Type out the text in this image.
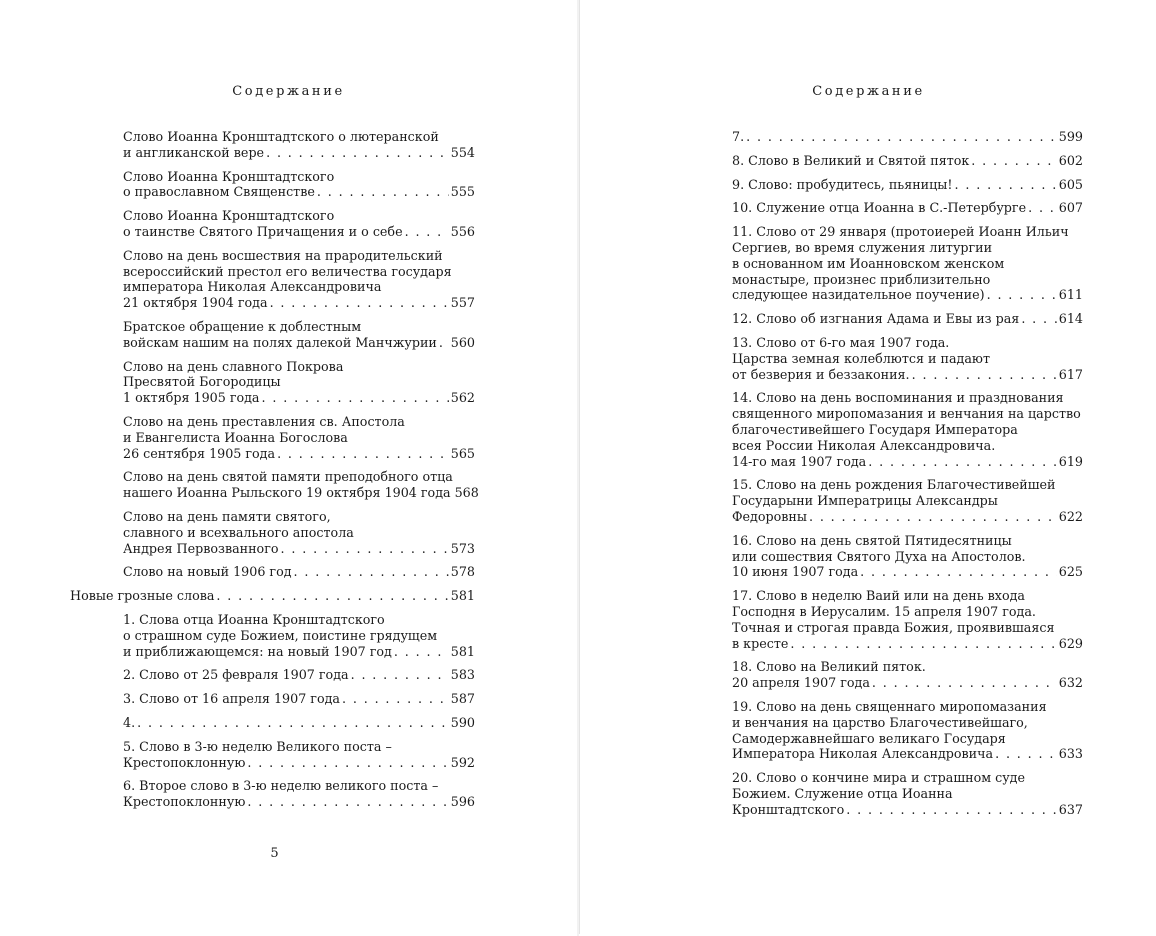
Содержание
Слово Иоанна Кронштадтского о лютеранской
и англиканской вере . . .	554
Слово Иоанна Кронштадтского
о православном Священстве . . .	555
Слово Иоанна Кронштадтского
о таинстве Святого Причащения и о себе . . .	556
Слово на день восшествия на прародительский
всероссийский престол его величества государя
императора Николая Александровича
21 октября 1904 года . . .	557
Братское обращение к доблестным
войскам нашим на полях далекой Манчжурии . . . 560
Слово на день славного Покрова
Пресвятой Богородицы
1 октября 1905 года . . .	562
Слово на день преставления св. Апостола
и Евангелиста Иоанна Богослова
26 сентября 1905 года . . .	565
Слово на день святой памяти преподобного отца
нашего Иоанна Рыльского 19 октября 1904 года 568
Слово на день памяти святого,
славного и всехвального апостола
Андрея Первозванного . . .	573
Слово на новый 1906 год . . .	578
Новые грозные слова . . .	581
1. Слова отца Иоанна Кронштадтского
о страшном суде Божием, поистине грядущем
и приближающемся: на новый 1907 год . . .	581
2. Слово от 25 февраля 1907 года . . .	583
3. Слово от 16 апреля 1907 года . . .	587
4. . . .	590
5. Слово в 3-ю неделю Великого поста –
Крестопоклонную . . .	592
6. Второе слово в 3-ю неделю великого поста –
Крестопоклонную . . .	596
5
Содержание
7. . . .	599
8. Слово в Великий и Святой пяток . . .	602
9. Слово: пробудитесь, пьяницы! . . .	605
10. Служение отца Иоанна в С.-Петербурге . . .	607
11. Слово от 29 января (протоиерей Иоанн Ильич
Сергиев, во время служения литургии
в основанном им Иоанновском женском
монастыре, произнес приблизительно
следующее назидательное поучение) . . .	611
12. Слово об изгнания Адама и Евы из рая . . .	614
13. Слово от 6-го мая 1907 года.
Царства земная колеблются и падают
от безверия и беззакония. . . .	617
14. Слово на день воспоминания и празднования
священного миропомазания и венчания на царство
благочестивейшего Государя Императора
всея России Николая Александровича.
14-го мая 1907 года . . .	619
15. Слово на день рождения Благочестивейшей
Государыни Императрицы Александры
Федоровны . . .	622
16. Слово на день святой Пятидесятницы
или сошествия Святого Духа на Апостолов.
10 июня 1907 года . . .	625
17. Слово в неделю Ваий или на день входа
Господня в Иерусалим. 15 апреля 1907 года.
Точная и строгая правда Божия, проявившаяся
в кресте . . .	629
18. Слово на Великий пяток.
20 апреля 1907 года . . .	632
19. Слово на день священнаго миропомазания
и венчания на царство Благочестивейшаго,
Самодержавнейшаго великаго Государя
Императора Николая Александровича . . .	633
20. Слово о кончине мира и страшном суде
Божием. Служение отца Иоанна
Кронштадтского . . .	637
